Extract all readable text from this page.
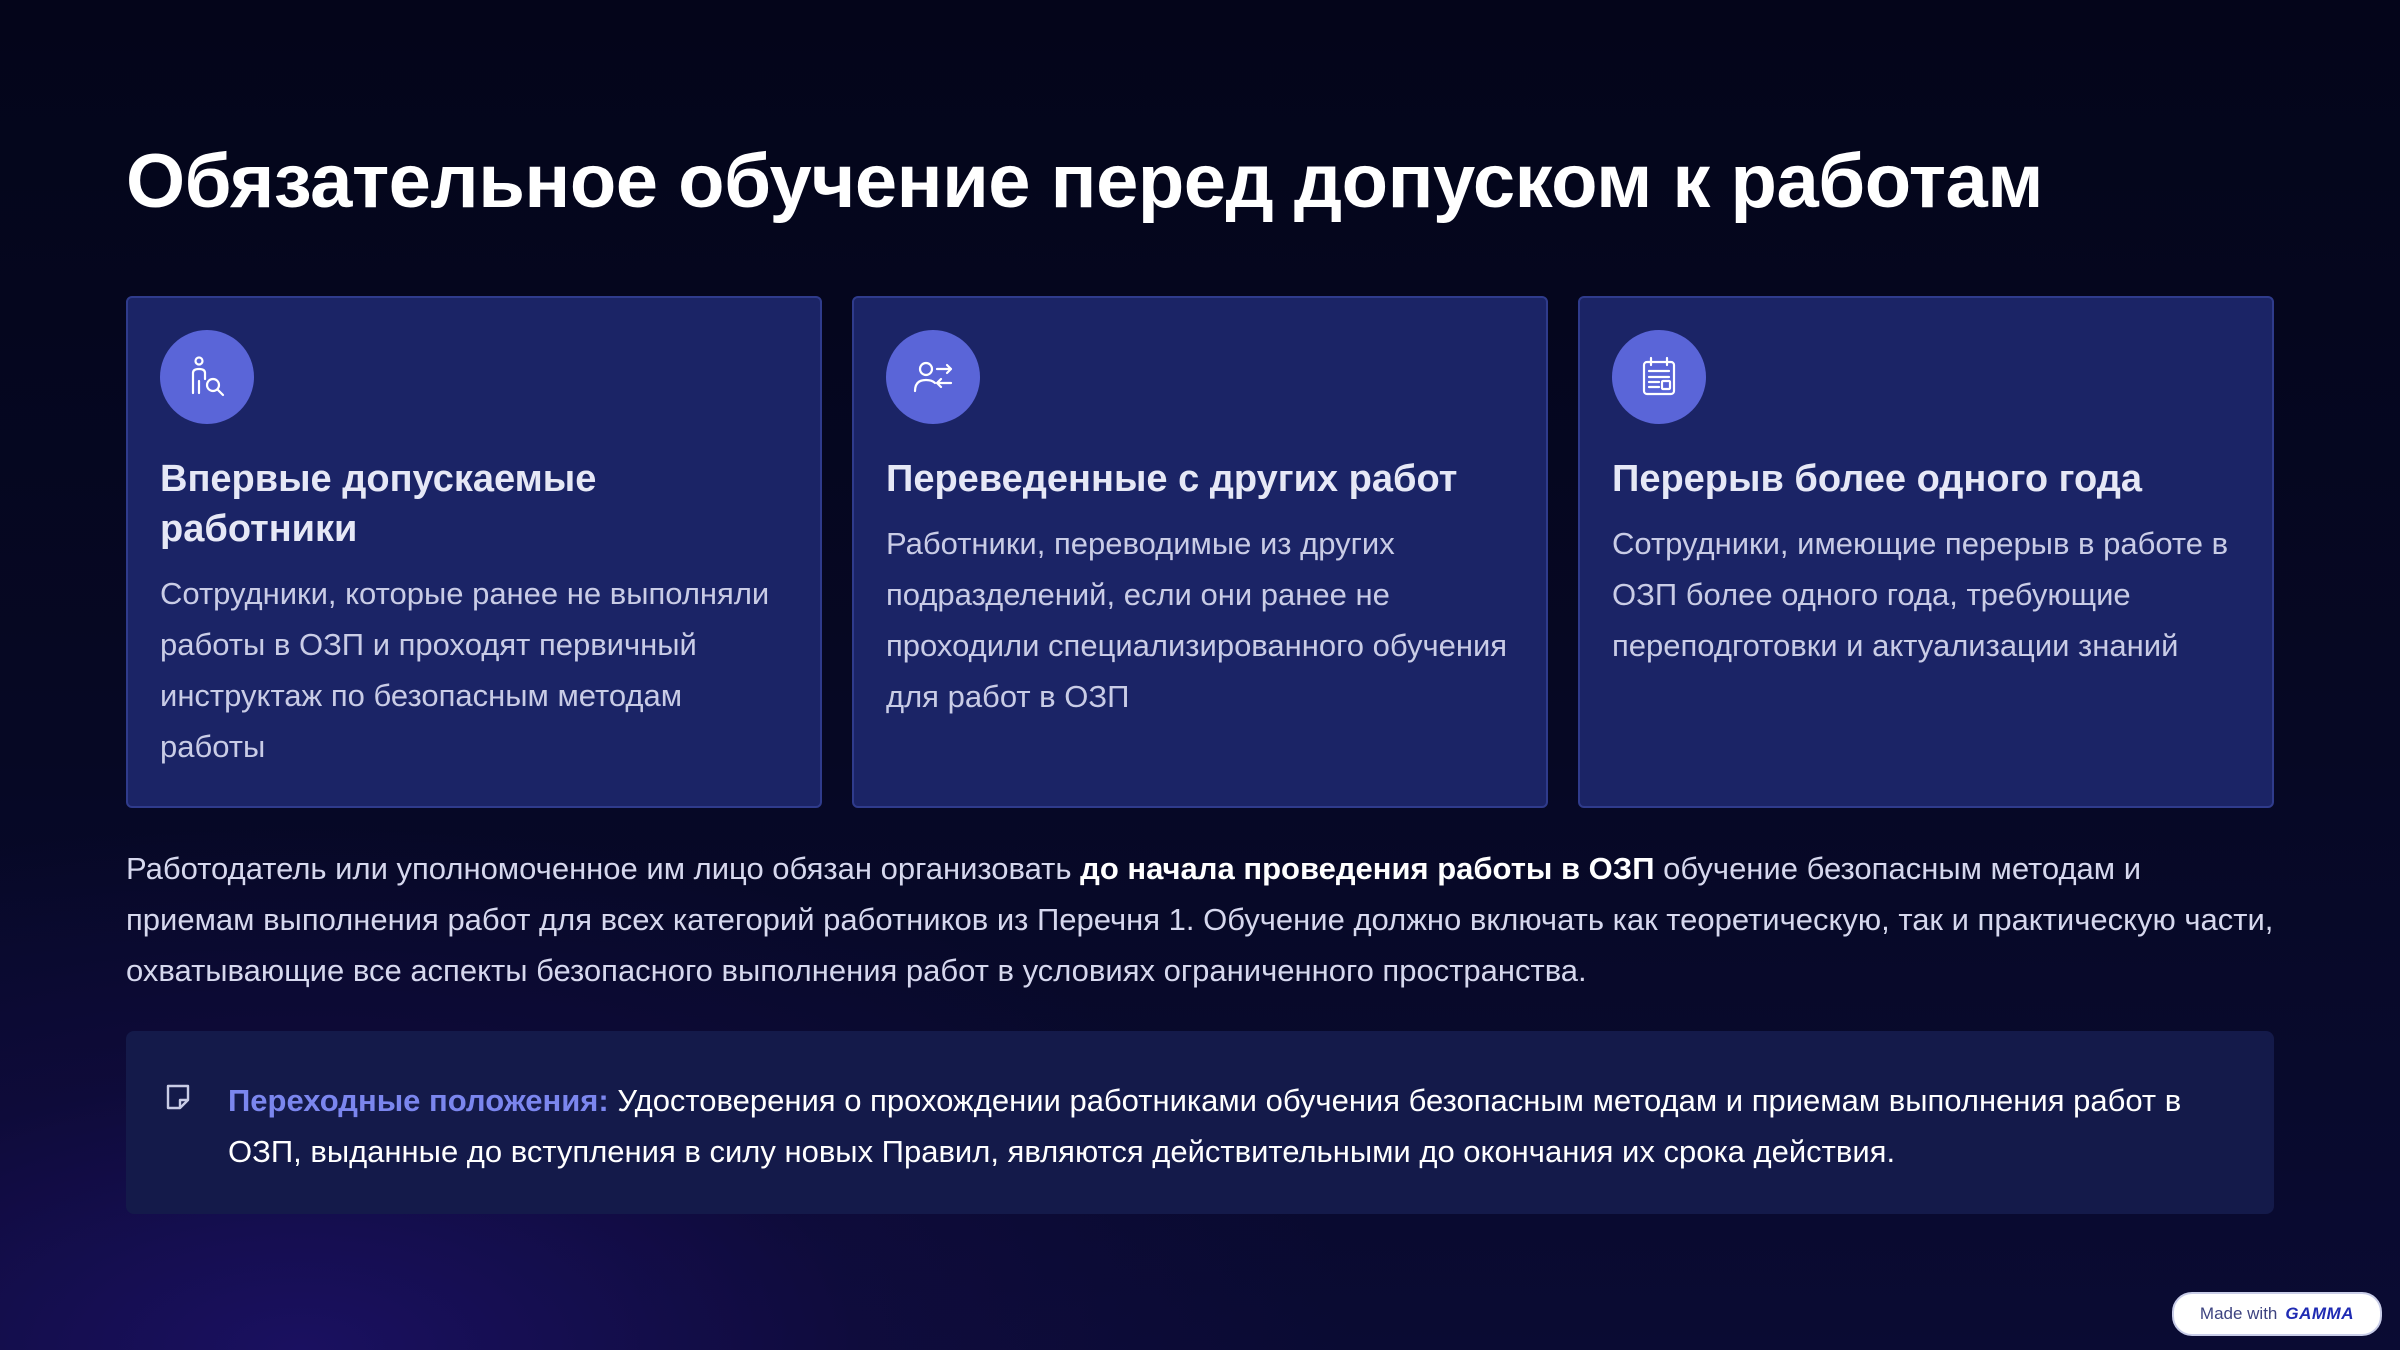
Обязательное обучение перед допуском к работам
Впервые допускаемые работники

Сотрудники, которые ранее не выполняли работы в ОЗП и проходят первичный инструктаж по безопасным методам работы

Переведенные с других работ

Работники, переводимые из других подразделений, если они ранее не проходили специализированного обучения для работ в ОЗП

Перерыв более одного года

Сотрудники, имеющие перерыв в работе в ОЗП более одного года, требующие переподготовки и актуализации знаний

Работодатель или уполномоченное им лицо обязан организовать до начала проведения работы в ОЗП обучение безопасным методам и приемам выполнения работ для всех категорий работников из Перечня 1. Обучение должно включать как теоретическую, так и практическую части, охватывающие все аспекты безопасного выполнения работ в условиях ограниченного пространства.

Переходные положения: Удостоверения о прохождении работниками обучения безопасным методам и приемам выполнения работ в ОЗП, выданные до вступления в силу новых Правил, являются действительными до окончания их срока действия.

Made with GAMMA
